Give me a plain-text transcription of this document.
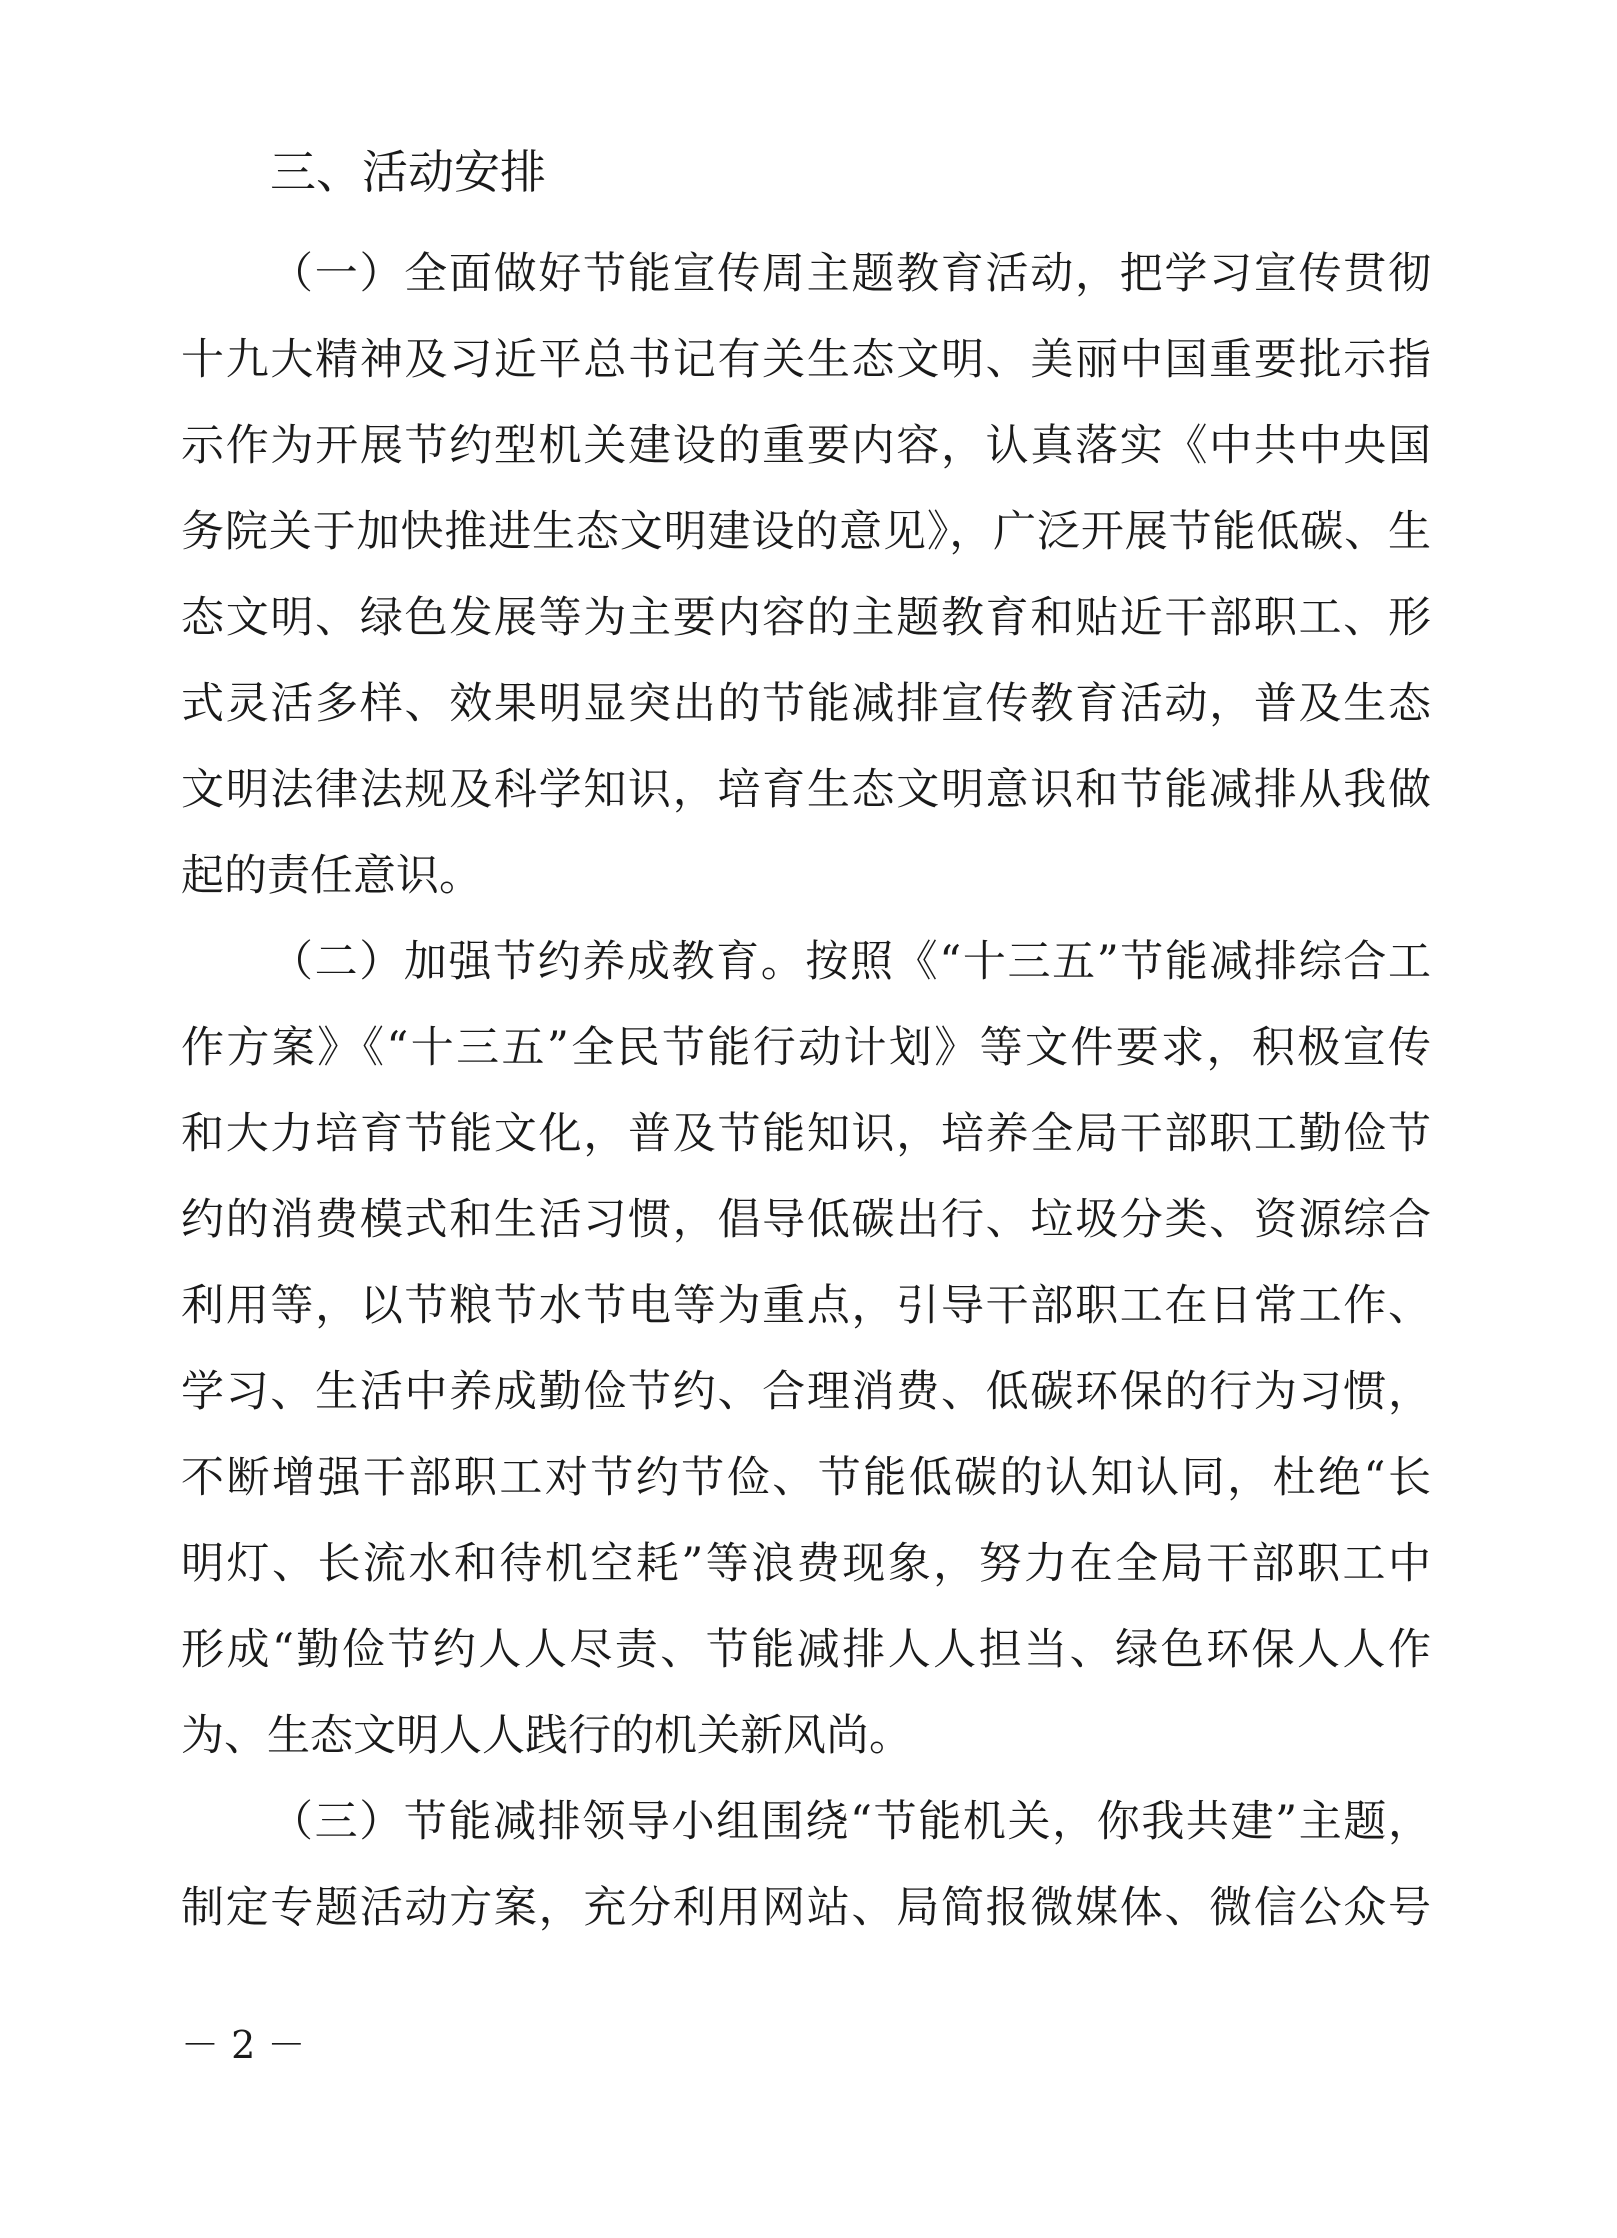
三、活动安排

（一）全面做好节能宣传周主题教育活动，把学习宣传贯彻

十九大精神及习近平总书记有关生态文明、美丽中国重要批示指

示作为开展节约型机关建设的重要内容，认真落实《中共中央国

务院关于加快推进生态文明建设的意见》，广泛开展节能低碳、生

态文明、绿色发展等为主要内容的主题教育和贴近干部职工、形

式灵活多样、效果明显突出的节能减排宣传教育活动，普及生态

文明法律法规及科学知识，培育生态文明意识和节能减排从我做

起的责任意识。

（二）加强节约养成教育。按照《“十三五”节能减排综合工

作方案》《“十三五”全民节能行动计划》等文件要求，积极宣传

和大力培育节能文化，普及节能知识，培养全局干部职工勤俭节

约的消费模式和生活习惯，倡导低碳出行、垃圾分类、资源综合

利用等，以节粮节水节电等为重点，引导干部职工在日常工作、

学习、生活中养成勤俭节约、合理消费、低碳环保的行为习惯，

不断增强干部职工对节约节俭、节能低碳的认知认同，杜绝“长

明灯、长流水和待机空耗”等浪费现象，努力在全局干部职工中

形成“勤俭节约人人尽责、节能减排人人担当、绿色环保人人作

为、生态文明人人践行的机关新风尚。

（三）节能减排领导小组围绕“节能机关，你我共建”主题，

制定专题活动方案，充分利用网站、局简报微媒体、微信公众号

－ 2 －
